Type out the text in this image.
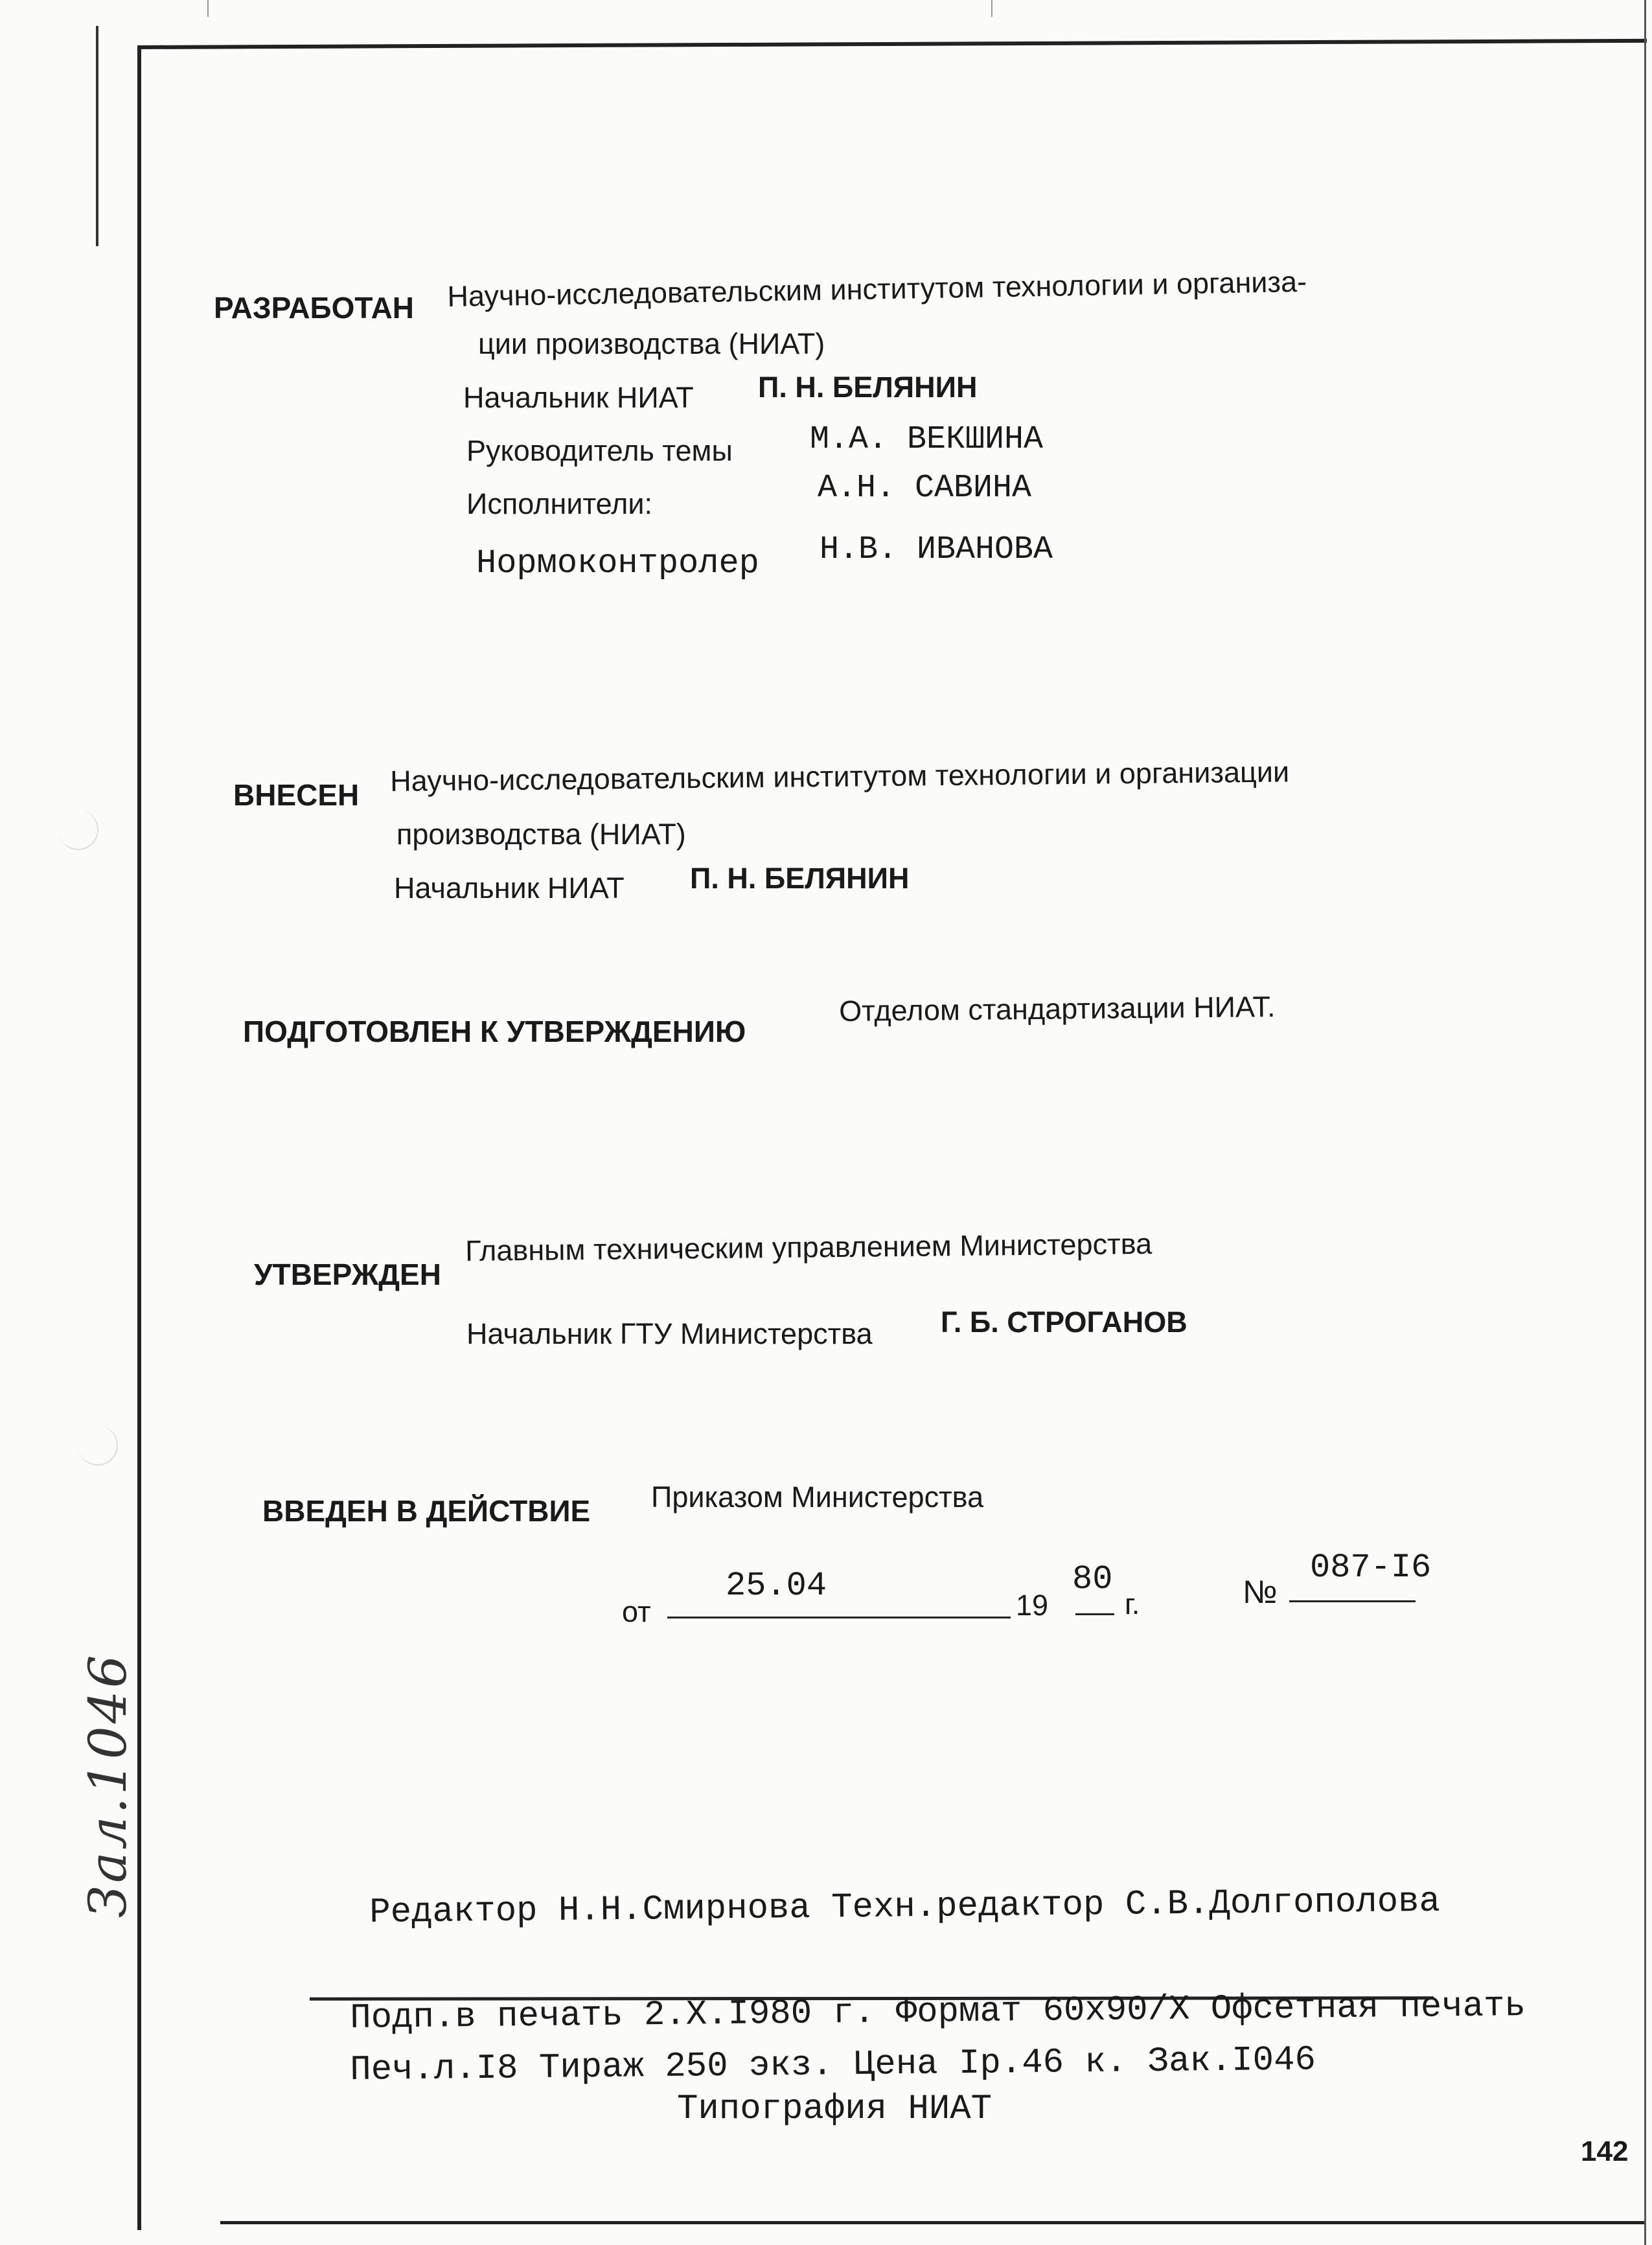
РАЗРАБОТАН Научно-исследовательским институтом технологии и организа-
ции производства (НИАТ)
Начальник НИАТ П. Н. БЕЛЯНИН
Руководитель темы М.А. ВЕКШИНА
Исполнители:	А.Н. САВИНА
Нормоконтролер Н.В. ИВАНОВА
ВНЕСЕН Научно-исследовательским институтом технологии и организации
производства (НИАТ)
Начальник НИАТ П. Н. БЕЛЯНИН
ПОДГОТОВЛЕН К УТВЕРЖДЕНИЮ
Отделом стандартизации НИАТ.
УТВЕРЖДЕН
Главным техническим управлением Министерства
Начальник ГТУ Министерства Г. Б. СТРОГАНОВ
ВВЕДЕН В ДЕЙСТВИЕ Приказом Министерства
от
25.04
19
80
г.	№
087-I6
Зал.1046	Редактор Н.Н.Смирнова Техн.редактор С.В.Долгополова
Подп.в печать 2.Х.I980 г. Формат 60х90/Х Офсетная печать
Печ.л.I8 Тираж 250 экз. Цена Iр.46 к. Зак.I046
Типография НИАТ
142
